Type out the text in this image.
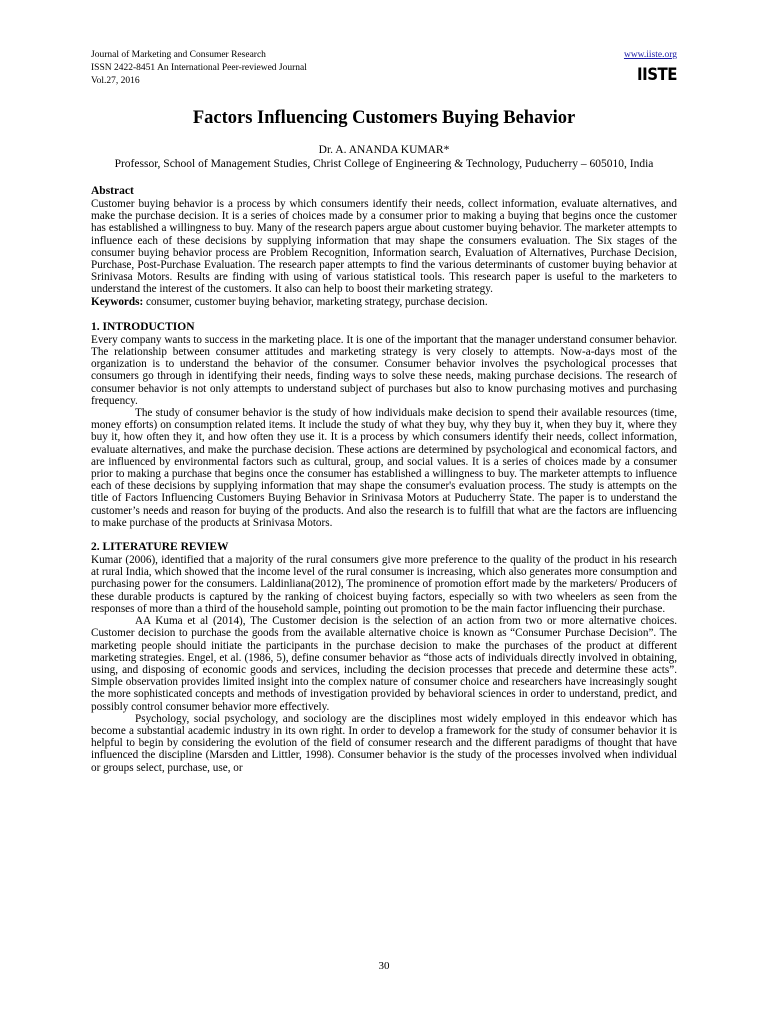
Journal of Marketing and Consumer Research
ISSN 2422-8451 An International Peer-reviewed Journal
Vol.27, 2016
www.iiste.org
IISTE
Factors Influencing Customers Buying Behavior
Dr. A. ANANDA KUMAR*
Professor, School of Management Studies, Christ College of Engineering & Technology, Puducherry – 605010, India
Abstract

Customer buying behavior is a process by which consumers identify their needs, collect information, evaluate alternatives, and make the purchase decision. It is a series of choices made by a consumer prior to making a buying that begins once the customer has established a willingness to buy. Many of the research papers argue about customer buying behavior. The marketer attempts to influence each of these decisions by supplying information that may shape the consumers evaluation. The Six stages of the consumer buying behavior process are Problem Recognition, Information search, Evaluation of Alternatives, Purchase Decision, Purchase, Post-Purchase Evaluation. The research paper attempts to find the various determinants of customer buying behavior at Srinivasa Motors. Results are finding with using of various statistical tools. This research paper is useful to the marketers to understand the interest of the customers. It also can help to boost their marketing strategy.

Keywords: consumer, customer buying behavior, marketing strategy, purchase decision.

1. INTRODUCTION

Every company wants to success in the marketing place. It is one of the important that the manager understand consumer behavior. The relationship between consumer attitudes and marketing strategy is very closely to attempts. Now-a-days most of the organization is to understand the behavior of the consumer. Consumer behavior involves the psychological processes that consumers go through in identifying their needs, finding ways to solve these needs, making purchase decisions. The research of consumer behavior is not only attempts to understand subject of purchases but also to know purchasing motives and purchasing frequency.

The study of consumer behavior is the study of how individuals make decision to spend their available resources (time, money efforts) on consumption related items. It include the study of what they buy, why they buy it, when they buy it, where they buy it, how often they it, and how often they use it. It is a process by which consumers identify their needs, collect information, evaluate alternatives, and make the purchase decision. These actions are determined by psychological and economical factors, and are influenced by environmental factors such as cultural, group, and social values. It is a series of choices made by a consumer prior to making a purchase that begins once the consumer has established a willingness to buy. The marketer attempts to influence each of these decisions by supplying information that may shape the consumer's evaluation process. The study is attempts on the title of Factors Influencing Customers Buying Behavior in Srinivasa Motors at Puducherry State. The paper is to understand the customer’s needs and reason for buying of the products. And also the research is to fulfill that what are the factors are influencing to make purchase of the products at Srinivasa Motors.

2. LITERATURE REVIEW

Kumar (2006), identified that a majority of the rural consumers give more preference to the quality of the product in his research at rural India, which showed that the income level of the rural consumer is increasing, which also generates more consumption and purchasing power for the consumers. Laldinliana(2012), The prominence of promotion effort made by the marketers/ Producers of these durable products is captured by the ranking of choicest buying factors, especially so with two wheelers as seen from the responses of more than a third of the household sample, pointing out promotion to be the main factor influencing their purchase.

AA Kuma et al (2014), The Customer decision is the selection of an action from two or more alternative choices. Customer decision to purchase the goods from the available alternative choice is known as “Consumer Purchase Decision”. The marketing people should initiate the participants in the purchase decision to make the purchases of the product at different marketing strategies. Engel, et al. (1986, 5), define consumer behavior as “those acts of individuals directly involved in obtaining, using, and disposing of economic goods and services, including the decision processes that precede and determine these acts”. Simple observation provides limited insight into the complex nature of consumer choice and researchers have increasingly sought the more sophisticated concepts and methods of investigation provided by behavioral sciences in order to understand, predict, and possibly control consumer behavior more effectively.

Psychology, social psychology, and sociology are the disciplines most widely employed in this endeavor which has become a substantial academic industry in its own right. In order to develop a framework for the study of consumer behavior it is helpful to begin by considering the evolution of the field of consumer research and the different paradigms of thought that have influenced the discipline (Marsden and Littler, 1998). Consumer behavior is the study of the processes involved when individual or groups select, purchase, use, or

30
